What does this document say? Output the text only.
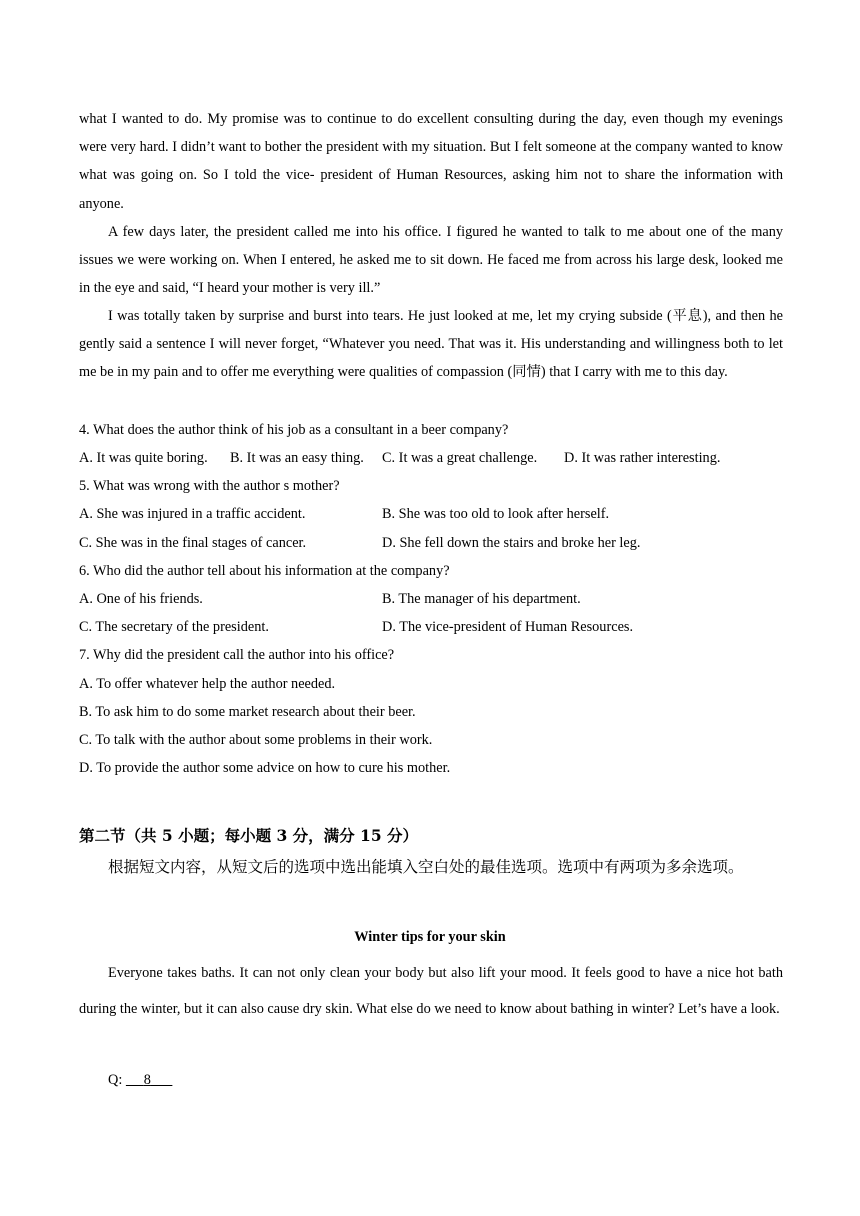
what I wanted to do. My promise was to continue to do excellent consulting during the day, even though my evenings were very hard. I didn’t want to bother the president with my situation. But I felt someone at the company wanted to know what was going on. So I told the vice- president of Human Resources, asking him not to share the information with anyone.

A few days later, the president called me into his office. I figured he wanted to talk to me about one of the many issues we were working on. When I entered, he asked me to sit down. He faced me from across his large desk, looked me in the eye and said, “I heard your mother is very ill.”

I was totally taken by surprise and burst into tears. He just looked at me, let my crying subside (平息), and then he gently said a sentence I will never forget, “Whatever you need. That was it. His understanding and willingness both to let me be in my pain and to offer me everything were qualities of compassion (同情) that I carry with me to this day.

4. What does the author think of his job as a consultant in a beer company?
A. It was quite boring. B. It was an easy thing. C. It was a great challenge. D. It was rather interesting.
5. What was wrong with the author s mother?
A. She was injured in a traffic accident.	B. She was too old to look after herself.
C. She was in the final stages of cancer.	D. She fell down the stairs and broke her leg.
6. Who did the author tell about his information at the company?
A. One of his friends.	B. The manager of his department.
C. The secretary of the president.	D. The vice-president of Human Resources.
7. Why did the president call the author into his office?
A. To offer whatever help the author needed.
B. To ask him to do some market research about their beer.
C. To talk with the author about some problems in their work.
D. To provide the author some advice on how to cure his mother.
第二节（共 5 小题；每小题 3 分，满分 15 分）

根据短文内容，从短文后的选项中选出能填入空白处的最佳选项。选项中有两项为多余选项。

Winter tips for your skin

Everyone takes baths. It can not only clean your body but also lift your mood. It feels good to have a nice hot bath during the winter, but it can also cause dry skin. What else do we need to know about bathing in winter? Let’s have a look.

Q: 8
